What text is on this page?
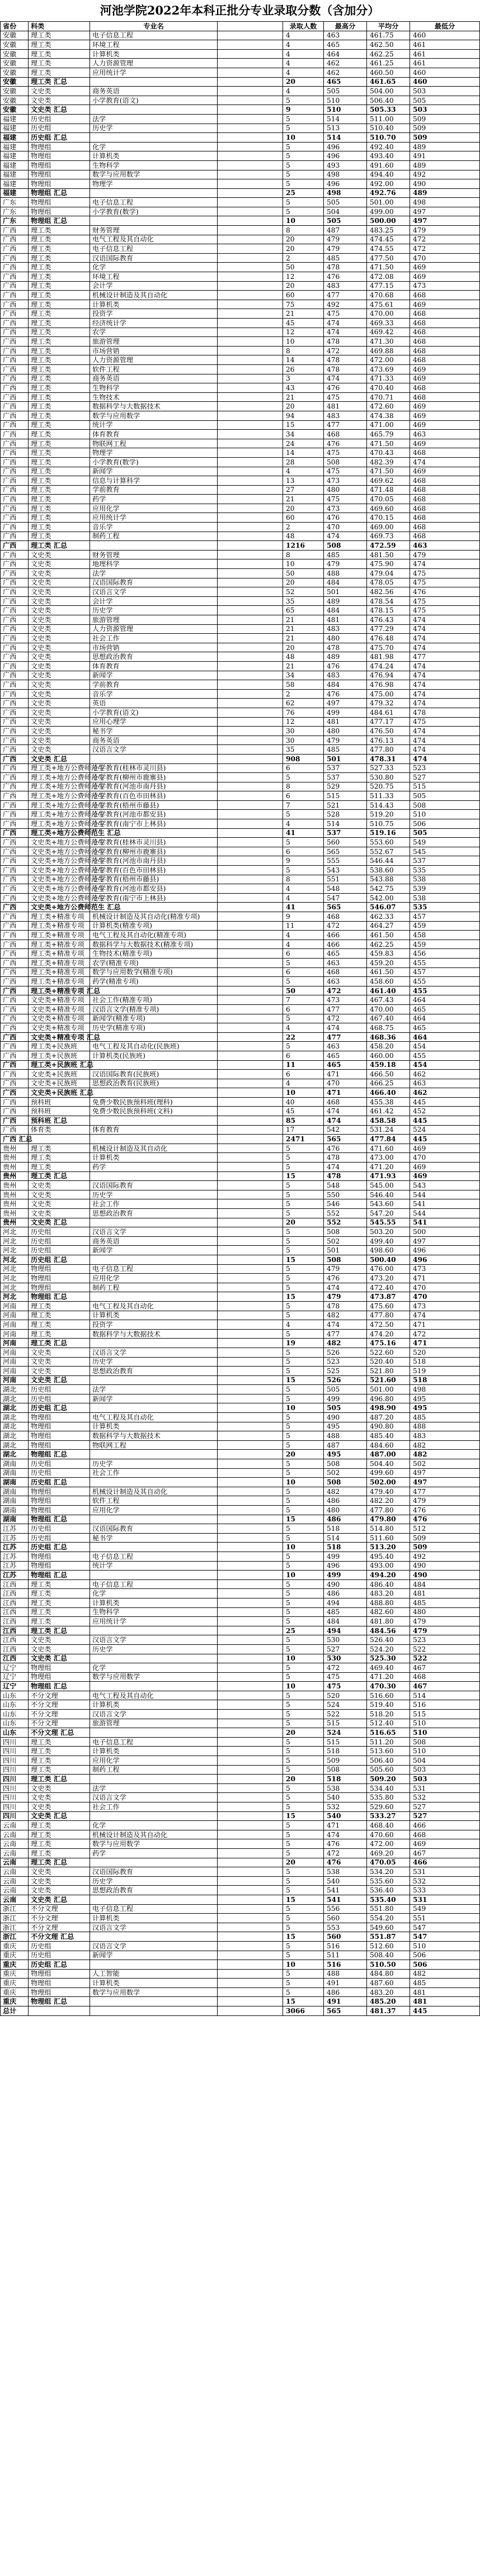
河池学院2022年本科正批分专业录取分数（含加分）
省份	科类	专业名		录取人数	最高分	平均分	最低分
安徽	理工类	电子信息工程		4	463	461.75	460
安徽	理工类	环境工程		4	465	462.50	461
安徽	理工类	计算机类		4	464	462.25	461
安徽	理工类	人力资源管理		4	462	461.25	461
安徽	理工类	应用统计学		4	462	460.50	460
安徽	理工类 汇总			20	465	461.65	460
安徽	文史类	商务英语		4	505	504.00	503
安徽	文史类	小学教育(语文)		5	510	506.40	505
安徽	文史类 汇总			9	510	505.33	503
福建	历史组	法学		5	514	511.00	509
福建	历史组	历史学		5	513	510.40	509
福建	历史组 汇总			10	514	510.70	509
福建	物理组	化学		5	496	492.40	489
福建	物理组	计算机类		5	496	493.40	491
福建	物理组	生物科学		5	493	491.60	489
福建	物理组	数学与应用数学		5	498	494.40	492
福建	物理组	物理学		5	496	492.00	490
福建	物理组 汇总			25	498	492.76	489
广东	物理组	电子信息工程		5	505	501.00	498
广东	物理组	小学教育(数学)		5	504	499.00	497
广东	物理组 汇总			10	505	500.00	497
广西	理工类	财务管理		8	487	483.25	479
广西	理工类	电气工程及其自动化		20	479	474.45	472
广西	理工类	电子信息工程		20	479	474.55	472
广西	理工类	汉语国际教育		2	485	477.50	470
广西	理工类	化学		50	478	471.50	469
广西	理工类	环境工程		12	476	472.08	469
广西	理工类	会计学		20	483	477.15	473
广西	理工类	机械设计制造及其自动化		60	477	470.68	468
广西	理工类	计算机类		75	492	475.61	469
广西	理工类	投资学		21	475	470.00	468
广西	理工类	经济统计学		45	474	469.33	468
广西	理工类	农学		12	474	469.42	468
广西	理工类	旅游管理		10	478	471.30	468
广西	理工类	市场营销		8	472	469.88	468
广西	理工类	人力资源管理		14	478	472.00	468
广西	理工类	软件工程		26	478	473.69	469
广西	理工类	商务英语		3	474	471.33	469
广西	理工类	生物科学		43	476	470.40	468
广西	理工类	生物技术		21	475	470.71	468
广西	理工类	数据科学与大数据技术		20	481	472.60	469
广西	理工类	数学与应用数学		94	483	474.38	469
广西	理工类	统计学		15	477	471.00	469
广西	理工类	体育教育		34	468	465.79	463
广西	理工类	物联网工程		24	476	471.50	469
广西	理工类	物理学		14	475	470.43	468
广西	理工类	小学教育(数学)		28	508	482.39	474
广西	理工类	新闻学		4	475	471.50	469
广西	理工类	信息与计算科学		13	473	469.62	468
广西	理工类	学前教育		27	480	471.48	468
广西	理工类	药学		21	475	470.05	468
广西	理工类	应用化学		20	473	469.60	468
广西	理工类	应用统计学		60	476	470.15	468
广西	理工类	音乐学		2	470	469.00	468
广西	理工类	制药工程		48	474	469.73	468
广西	理工类 汇总			1216	508	472.59	463
广西	文史类	财务管理		8	485	481.50	479
广西	文史类	地理科学		10	479	475.90	474
广西	文史类	法学		50	488	479.04	475
广西	文史类	汉语国际教育		20	484	478.05	475
广西	文史类	汉语言文学		52	501	482.56	476
广西	文史类	会计学		35	489	478.54	475
广西	文史类	历史学		65	484	478.15	475
广西	文史类	旅游管理		21	481	476.43	474
广西	文史类	人力资源管理		21	483	477.29	474
广西	文史类	社会工作		21	480	476.48	474
广西	文史类	市场营销		20	478	475.70	474
广西	文史类	思想政治教育		48	489	481.98	477
广西	文史类	体育教育		21	476	474.24	474
广西	文史类	新闻学		34	483	476.94	474
广西	文史类	学前教育		58	484	476.98	474
广西	文史类	音乐学		2	476	475.00	474
广西	文史类	英语		62	497	479.32	474
广西	文史类	小学教育(语文)		76	499	484.61	478
广西	文史类	应用心理学		12	481	477.17	475
广西	文史类	秘书学		30	480	476.50	474
广西	文史类	商务英语		30	479	476.13	474
广西	文史类	汉语言文学		35	485	477.80	474
广西	文史类 汇总			908	501	478.31	474
广西	理工类+地方公费师范生	小学教育(桂林市灵川县)		6	537	527.33	523
广西	理工类+地方公费师范生	小学教育(柳州市鹿寨县)		5	537	530.80	527
广西	理工类+地方公费师范生	小学教育(河池市南丹县)		8	529	520.75	515
广西	理工类+地方公费师范生	小学教育(百色市田林县)		6	515	511.33	505
广西	理工类+地方公费师范生	小学教育(梧州市藤县)		7	521	514.43	508
广西	理工类+地方公费师范生	小学教育(河池市都安县)		5	528	519.20	510
广西	理工类+地方公费师范生	小学教育(南宁市上林县)		4	514	510.75	506
广西	理工类+地方公费师范生 汇总			41	537	519.16	505
广西	文史类+地方公费师范生	小学教育(桂林市灵川县)		5	560	553.60	549
广西	文史类+地方公费师范生	小学教育(柳州市鹿寨县)		6	565	552.67	545
广西	文史类+地方公费师范生	小学教育(河池市南丹县)		9	555	546.44	537
广西	文史类+地方公费师范生	小学教育(百色市田林县)		5	543	538.60	535
广西	文史类+地方公费师范生	小学教育(梧州市藤县)		8	551	543.88	538
广西	文史类+地方公费师范生	小学教育(河池市都安县)		4	548	542.75	539
广西	文史类+地方公费师范生	小学教育(南宁市上林县)		4	547	542.00	538
广西	文史类+地方公费师范生 汇总			41	565	546.07	535
广西	理工类+精准专项	机械设计制造及其自动化(精准专项)		9	468	462.33	457
广西	理工类+精准专项	计算机类(精准专项)		11	472	464.27	459
广西	理工类+精准专项	电气工程及其自动化(精准专项)		4	466	461.50	458
广西	理工类+精准专项	数据科学与大数据技术(精准专项)		4	466	462.25	459
广西	理工类+精准专项	生物技术(精准专项)		6	465	459.83	456
广西	理工类+精准专项	农学(精准专项)		5	463	459.20	455
广西	理工类+精准专项	数学与应用数学(精准专项)		6	468	461.50	457
广西	理工类+精准专项	药学(精准专项)		5	463	458.60	455
广西	理工类+精准专项 汇总			50	472	461.40	455
广西	文史类+精准专项	社会工作(精准专项)		7	473	467.43	464
广西	文史类+精准专项	汉语言文学(精准专项)		6	477	470.00	465
广西	文史类+精准专项	新闻学(精准专项)		5	472	467.40	464
广西	文史类+精准专项	历史学(精准专项)		4	474	468.75	465
广西	文史类+精准专项 汇总			22	477	468.36	464
广西	理工类+民族班	电气工程及其自动化(民族班)		5	463	458.20	454
广西	理工类+民族班	计算机类(民族班)		6	465	460.00	455
广西	理工类+民族班 汇总			11	465	459.18	454
广西	文史类+民族班	汉语国际教育(民族班)		6	471	466.50	462
广西	文史类+民族班	思想政治教育(民族班)		4	470	466.25	463
广西	文史类+民族班 汇总			10	471	466.40	462
广西	预科班	免费少数民族预科班(理科)		40	468	455.38	445
广西	预科班	免费少数民族预科班(文科)		45	474	461.42	452
广西	预科班 汇总			85	474	458.58	445
广西	体育类	体育教育		17	542	531.24	524
广西 汇总				2471	565	477.84	445
贵州	理工类	机械设计制造及其自动化		5	476	471.60	469
贵州	理工类	计算机类		5	478	473.00	470
贵州	理工类	药学		5	474	471.20	469
贵州	理工类 汇总			15	478	471.93	469
贵州	文史类	汉语国际教育		5	548	545.00	543
贵州	文史类	历史学		5	550	546.40	544
贵州	文史类	社会工作		5	546	543.60	541
贵州	文史类	思想政治教育		5	552	547.20	544
贵州	文史类 汇总			20	552	545.55	541
河北	历史组	汉语言文学		5	508	503.20	500
河北	历史组	商务英语		5	502	499.40	497
河北	历史组	新闻学		5	501	498.60	496
河北	历史组 汇总			15	508	500.40	496
河北	物理组	电子信息工程		5	479	476.00	473
河北	物理组	应用化学		5	476	473.20	471
河北	物理组	制药工程		5	474	472.40	470
河北	物理组 汇总			15	479	473.87	470
河南	理工类	电气工程及其自动化		5	478	475.60	473
河南	理工类	计算机类		5	482	477.80	474
河南	理工类	投资学		4	474	472.50	471
河南	理工类	数据科学与大数据技术		5	477	474.20	472
河南	理工类 汇总			19	482	475.16	471
河南	文史类	汉语言文学		5	526	522.60	520
河南	文史类	历史学		5	523	520.40	518
河南	文史类	思想政治教育		5	525	521.80	519
河南	文史类 汇总			15	526	521.60	518
湖北	历史组	法学		5	505	501.00	498
湖北	历史组	新闻学		5	499	496.80	495
湖北	历史组 汇总			10	505	498.90	495
湖北	物理组	电气工程及其自动化		5	490	487.20	485
湖北	物理组	计算机类		5	495	490.80	488
湖北	物理组	数据科学与大数据技术		5	488	485.40	483
湖北	物理组	物联网工程		5	487	484.60	482
湖北	物理组 汇总			20	495	487.00	482
湖南	历史组	历史学		5	508	504.40	502
湖南	历史组	社会工作		5	502	499.60	497
湖南	历史组 汇总			10	508	502.00	497
湖南	物理组	机械设计制造及其自动化		5	482	479.40	477
湖南	物理组	软件工程		5	486	482.20	479
湖南	物理组	应用化学		5	480	477.80	476
湖南	物理组 汇总			15	486	479.80	476
江苏	历史组	汉语国际教育		5	518	514.80	512
江苏	历史组	秘书学		5	514	511.60	509
江苏	历史组 汇总			10	518	513.20	509
江苏	物理组	电子信息工程		5	499	495.40	492
江苏	物理组	统计学		5	496	493.00	490
江苏	物理组 汇总			10	499	494.20	490
江西	理工类	电子信息工程		5	490	486.40	484
江西	理工类	化学		5	486	483.20	481
江西	理工类	计算机类		5	494	488.80	485
江西	理工类	生物科学		5	485	482.60	480
江西	理工类	应用统计学		5	484	481.80	479
江西	理工类 汇总			25	494	484.56	479
江西	文史类	汉语言文学		5	530	526.40	523
江西	文史类	历史学		5	527	524.20	522
江西	文史类 汇总			10	530	525.30	522
辽宁	物理组	化学		5	472	469.40	467
辽宁	物理组	数学与应用数学		5	475	471.20	468
辽宁	物理组 汇总			10	475	470.30	467
山东	不分文理	电气工程及其自动化		5	520	516.60	514
山东	不分文理	计算机类		5	524	519.40	516
山东	不分文理	汉语言文学		5	522	518.20	515
山东	不分文理	旅游管理		5	515	512.40	510
山东	不分文理 汇总			20	524	516.65	510
四川	理工类	电子信息工程		5	515	511.20	508
四川	理工类	计算机类		5	518	513.60	510
四川	理工类	应用化学		5	509	506.40	504
四川	理工类	制药工程		5	508	505.60	503
四川	理工类 汇总			20	518	509.20	503
四川	文史类	法学		5	538	534.40	531
四川	文史类	汉语言文学		5	540	535.80	532
四川	文史类	社会工作		5	532	529.60	527
四川	文史类 汇总			15	540	533.27	527
云南	理工类	化学		5	471	468.40	466
云南	理工类	机械设计制造及其自动化		5	474	470.60	468
云南	理工类	数学与应用数学		5	476	472.00	469
云南	理工类	药学		5	472	469.20	467
云南	理工类 汇总			20	476	470.05	466
云南	文史类	汉语国际教育		5	538	534.20	531
云南	文史类	历史学		5	540	535.60	532
云南	文史类	思想政治教育		5	541	536.40	533
云南	文史类 汇总			15	541	535.40	531
浙江	不分文理	电子信息工程		5	556	551.80	549
浙江	不分文理	计算机类		5	560	554.20	551
浙江	不分文理	汉语言文学		5	553	549.60	547
浙江	不分文理 汇总			15	560	551.87	547
重庆	历史组	汉语言文学		5	516	512.60	510
重庆	历史组	新闻学		5	511	508.40	506
重庆	历史组 汇总			10	516	510.50	506
重庆	物理组	人工智能		5	488	484.80	482
重庆	物理组	计算机类		5	491	487.60	485
重庆	物理组	数学与应用数学		5	486	483.20	481
重庆	物理组 汇总			15	491	485.20	481
总计				3066	565	481.37	445
